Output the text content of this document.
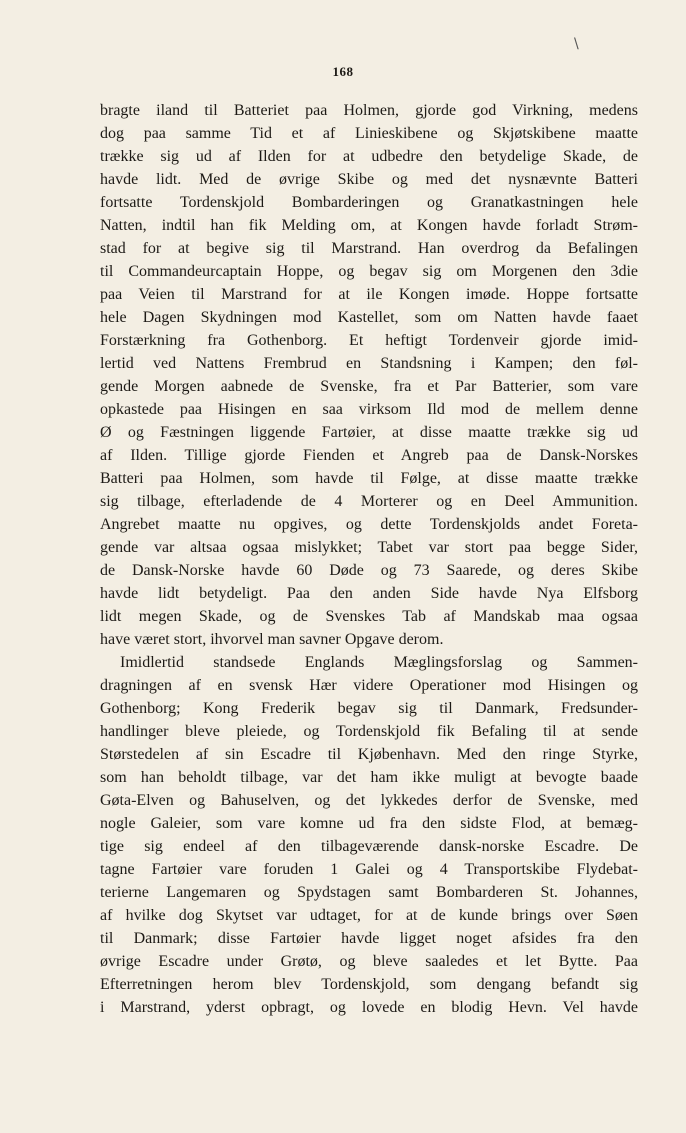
\
168
bragte iland til Batteriet paa Holmen, gjorde god Virkning, medens
dog paa samme Tid et af Linieskibene og Skjøtskibene maatte
trække sig ud af Ilden for at udbedre den betydelige Skade, de
havde lidt. Med de øvrige Skibe og med det nysnævnte Batteri
fortsatte Tordenskjold Bombarderingen og Granatkastningen hele
Natten, indtil han fik Melding om, at Kongen havde forladt Strøm-
stad for at begive sig til Marstrand. Han overdrog da Befalingen
til Commandeurcaptain Hoppe, og begav sig om Morgenen den 3die
paa Veien til Marstrand for at ile Kongen imøde. Hoppe fortsatte
hele Dagen Skydningen mod Kastellet, som om Natten havde faaet
Forstærkning fra Gothenborg. Et heftigt Tordenveir gjorde imid-
lertid ved Nattens Frembrud en Standsning i Kampen; den føl-
gende Morgen aabnede de Svenske, fra et Par Batterier, som vare
opkastede paa Hisingen en saa virksom Ild mod de mellem denne
Ø og Fæstningen liggende Fartøier, at disse maatte trække sig ud
af Ilden. Tillige gjorde Fienden et Angreb paa de Dansk-Norskes
Batteri paa Holmen, som havde til Følge, at disse maatte trække
sig tilbage, efterladende de 4 Morterer og en Deel Ammunition.
Angrebet maatte nu opgives, og dette Tordenskjolds andet Foreta-
gende var altsaa ogsaa mislykket; Tabet var stort paa begge Sider,
de Dansk-Norske havde 60 Døde og 73 Saarede, og deres Skibe
havde lidt betydeligt. Paa den anden Side havde Nya Elfsborg
lidt megen Skade, og de Svenskes Tab af Mandskab maa ogsaa
have været stort, ihvorvel man savner Opgave derom.
Imidlertid standsede Englands Mæglingsforslag og Sammen-
dragningen af en svensk Hær videre Operationer mod Hisingen og
Gothenborg; Kong Frederik begav sig til Danmark, Fredsunder-
handlinger bleve pleiede, og Tordenskjold fik Befaling til at sende
Størstedelen af sin Escadre til Kjøbenhavn. Med den ringe Styrke,
som han beholdt tilbage, var det ham ikke muligt at bevogte baade
Gøta-Elven og Bahuselven, og det lykkedes derfor de Svenske, med
nogle Galeier, som vare komne ud fra den sidste Flod, at bemæg-
tige sig endeel af den tilbageværende dansk-norske Escadre. De
tagne Fartøier vare foruden 1 Galei og 4 Transportskibe Flydebat-
terierne Langemaren og Spydstagen samt Bombarderen St. Johannes,
af hvilke dog Skytset var udtaget, for at de kunde brings over Søen
til Danmark; disse Fartøier havde ligget noget afsides fra den
øvrige Escadre under Grøtø, og bleve saaledes et let Bytte. Paa
Efterretningen herom blev Tordenskjold, som dengang befandt sig
i Marstrand, yderst opbragt, og lovede en blodig Hevn. Vel havde
